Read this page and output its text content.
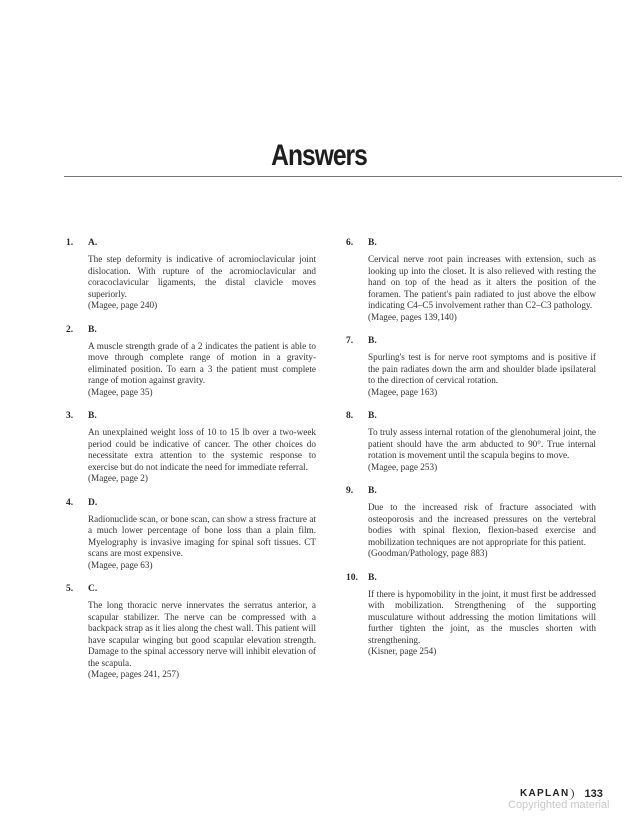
Answers
1.	A.
The step deformity is indicative of acromioclavicular joint dislocation. With rupture of the acromioclavicular and coracoclavicular ligaments, the distal clavicle moves superiorly.
(Magee, page 240)
2.	B.
A muscle strength grade of a 2 indicates the patient is able to move through complete range of motion in a gravity-eliminated position. To earn a 3 the patient must complete range of motion against gravity.
(Magee, page 35)
3.	B.
An unexplained weight loss of 10 to 15 lb over a two-week period could be indicative of cancer. The other choices do necessitate extra attention to the systemic response to exercise but do not indicate the need for immediate referral.
(Magee, page 2)
4.	D.
Radionuclide scan, or bone scan, can show a stress fracture at a much lower percentage of bone loss than a plain film. Myelography is invasive imaging for spinal soft tissues. CT scans are most expensive.
(Magee, page 63)
5.	C.
The long thoracic nerve innervates the serratus anterior, a scapular stabilizer. The nerve can be compressed with a backpack strap as it lies along the chest wall. This patient will have scapular winging but good scapular elevation strength. Damage to the spinal accessory nerve will inhibit elevation of the scapula.
(Magee, pages 241, 257)
6.	B.
Cervical nerve root pain increases with extension, such as looking up into the closet. It is also relieved with resting the hand on top of the head as it alters the position of the foramen. The patient's pain radiated to just above the elbow indicating C4–C5 involvement rather than C2–C3 pathology.
(Magee, pages 139,140)
7.	B.
Spurling's test is for nerve root symptoms and is positive if the pain radiates down the arm and shoulder blade ipsilateral to the direction of cervical rotation.
(Magee, page 163)
8.	B.
To truly assess internal rotation of the glenohumeral joint, the patient should have the arm abducted to 90°. True internal rotation is movement until the scapula begins to move.
(Magee, page 253)
9.	B.
Due to the increased risk of fracture associated with osteoporosis and the increased pressures on the vertebral bodies with spinal flexion, flexion-based exercise and mobilization techniques are not appropriate for this patient.
(Goodman/Pathology, page 883)
10.	B.
If there is hypomobility in the joint, it must first be addressed with mobilization. Strengthening of the supporting musculature without addressing the motion limitations will further tighten the joint, as the muscles shorten with strengthening.
(Kisner, page 254)
KAPLAN	133
Copyrighted material
